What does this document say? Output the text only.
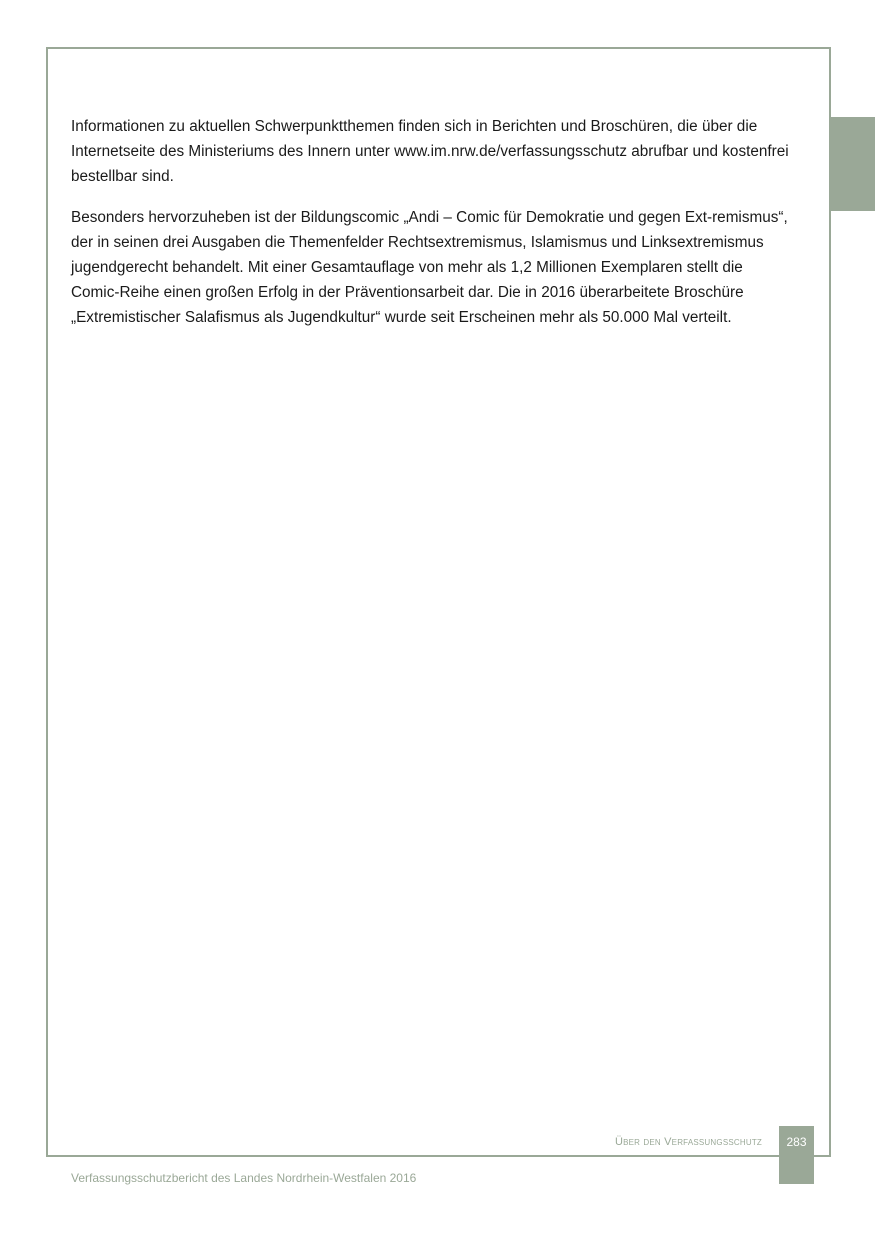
Informationen zu aktuellen Schwerpunktthemen finden sich in Berichten und Broschüren, die über die Internetseite des Ministeriums des Innern unter www.im.nrw.de/verfassungsschutz abrufbar und kostenfrei bestellbar sind.

Besonders hervorzuheben ist der Bildungscomic „Andi – Comic für Demokratie und gegen Ext-remismus“, der in seinen drei Ausgaben die Themenfelder Rechtsextremismus, Islamismus und Linksextremismus jugendgerecht behandelt. Mit einer Gesamtauflage von mehr als 1,2 Millionen Exemplaren stellt die Comic-Reihe einen großen Erfolg in der Präventionsarbeit dar. Die in 2016 überarbeitete Broschüre „Extremistischer Salafismus als Jugendkultur“ wurde seit Erscheinen mehr als 50.000 Mal verteilt.

Über den Verfassungsschutz	283
Verfassungsschutzbericht des Landes Nordrhein-Westfalen 2016
